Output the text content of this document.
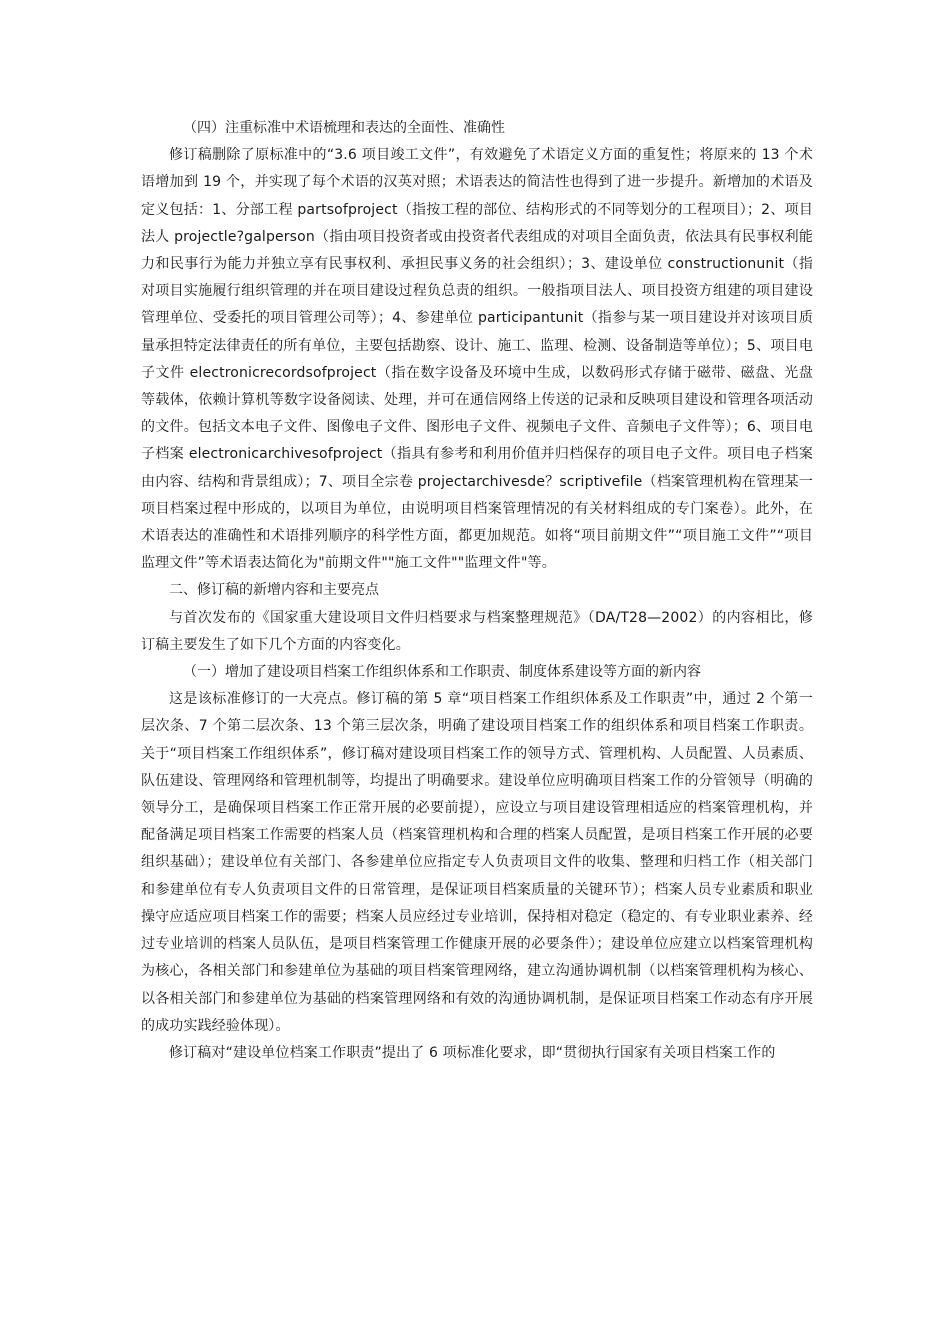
（四）注重标准中术语梳理和表达的全面性、准确性

修订稿删除了原标准中的“3.6 项目竣工文件”，有效避免了术语定义方面的重复性；将原来的 13 个术语增加到 19 个，并实现了每个术语的汉英对照；术语表达的简洁性也得到了进一步提升。新增加的术语及定义包括：1、分部工程 partsofproject（指按工程的部位、结构形式的不同等划分的工程项目）；2、项目法人 projectle?galperson（指由项目投资者或由投资者代表组成的对项目全面负责，依法具有民事权利能力和民事行为能力并独立享有民事权利、承担民事义务的社会组织）；3、建设单位 constructionunit（指对项目实施履行组织管理的并在项目建设过程负总责的组织。一般指项目法人、项目投资方组建的项目建设管理单位、受委托的项目管理公司等）；4、参建单位 participantunit（指参与某一项目建设并对该项目质量承担特定法律责任的所有单位，主要包括勘察、设计、施工、监理、检测、设备制造等单位）；5、项目电子文件 electronicrecordsofproject（指在数字设备及环境中生成，以数码形式存储于磁带、磁盘、光盘等载体，依赖计算机等数字设备阅读、处理，并可在通信网络上传送的记录和反映项目建设和管理各项活动的文件。包括文本电子文件、图像电子文件、图形电子文件、视频电子文件、音频电子文件等）；6、项目电子档案 electronicarchivesofproject（指具有参考和利用价值并归档保存的项目电子文件。项目电子档案由内容、结构和背景组成）；7、项目全宗卷 projectarchivesde？scriptivefile（档案管理机构在管理某一项目档案过程中形成的，以项目为单位，由说明项目档案管理情况的有关材料组成的专门案卷）。此外，在术语表达的准确性和术语排列顺序的科学性方面，都更加规范。如将“项目前期文件”“项目施工文件”“项目监理文件”等术语表达简化为"前期文件""施工文件""监理文件"等。

二、修订稿的新增内容和主要亮点

与首次发布的《国家重大建设项目文件归档要求与档案整理规范》（DA/T28—2002）的内容相比，修订稿主要发生了如下几个方面的内容变化。

（一）增加了建设项目档案工作组织体系和工作职责、制度体系建设等方面的新内容

这是该标准修订的一大亮点。修订稿的第 5 章“项目档案工作组织体系及工作职责”中，通过 2 个第一层次条、7 个第二层次条、13 个第三层次条，明确了建设项目档案工作的组织体系和项目档案工作职责。关于“项目档案工作组织体系”，修订稿对建设项目档案工作的领导方式、管理机构、人员配置、人员素质、队伍建设、管理网络和管理机制等，均提出了明确要求。建设单位应明确项目档案工作的分管领导（明确的领导分工，是确保项目档案工作正常开展的必要前提），应设立与项目建设管理相适应的档案管理机构，并配备满足项目档案工作需要的档案人员（档案管理机构和合理的档案人员配置，是项目档案工作开展的必要组织基础）；建设单位有关部门、各参建单位应指定专人负责项目文件的收集、整理和归档工作（相关部门和参建单位有专人负责项目文件的日常管理，是保证项目档案质量的关键环节）；档案人员专业素质和职业操守应适应项目档案工作的需要；档案人员应经过专业培训，保持相对稳定（稳定的、有专业职业素养、经过专业培训的档案人员队伍，是项目档案管理工作健康开展的必要条件）；建设单位应建立以档案管理机构为核心，各相关部门和参建单位为基础的项目档案管理网络，建立沟通协调机制（以档案管理机构为核心、以各相关部门和参建单位为基础的档案管理网络和有效的沟通协调机制，是保证项目档案工作动态有序开展的成功实践经验体现）。

修订稿对“建设单位档案工作职责”提出了 6 项标准化要求，即“贯彻执行国家有关项目档案工作的
